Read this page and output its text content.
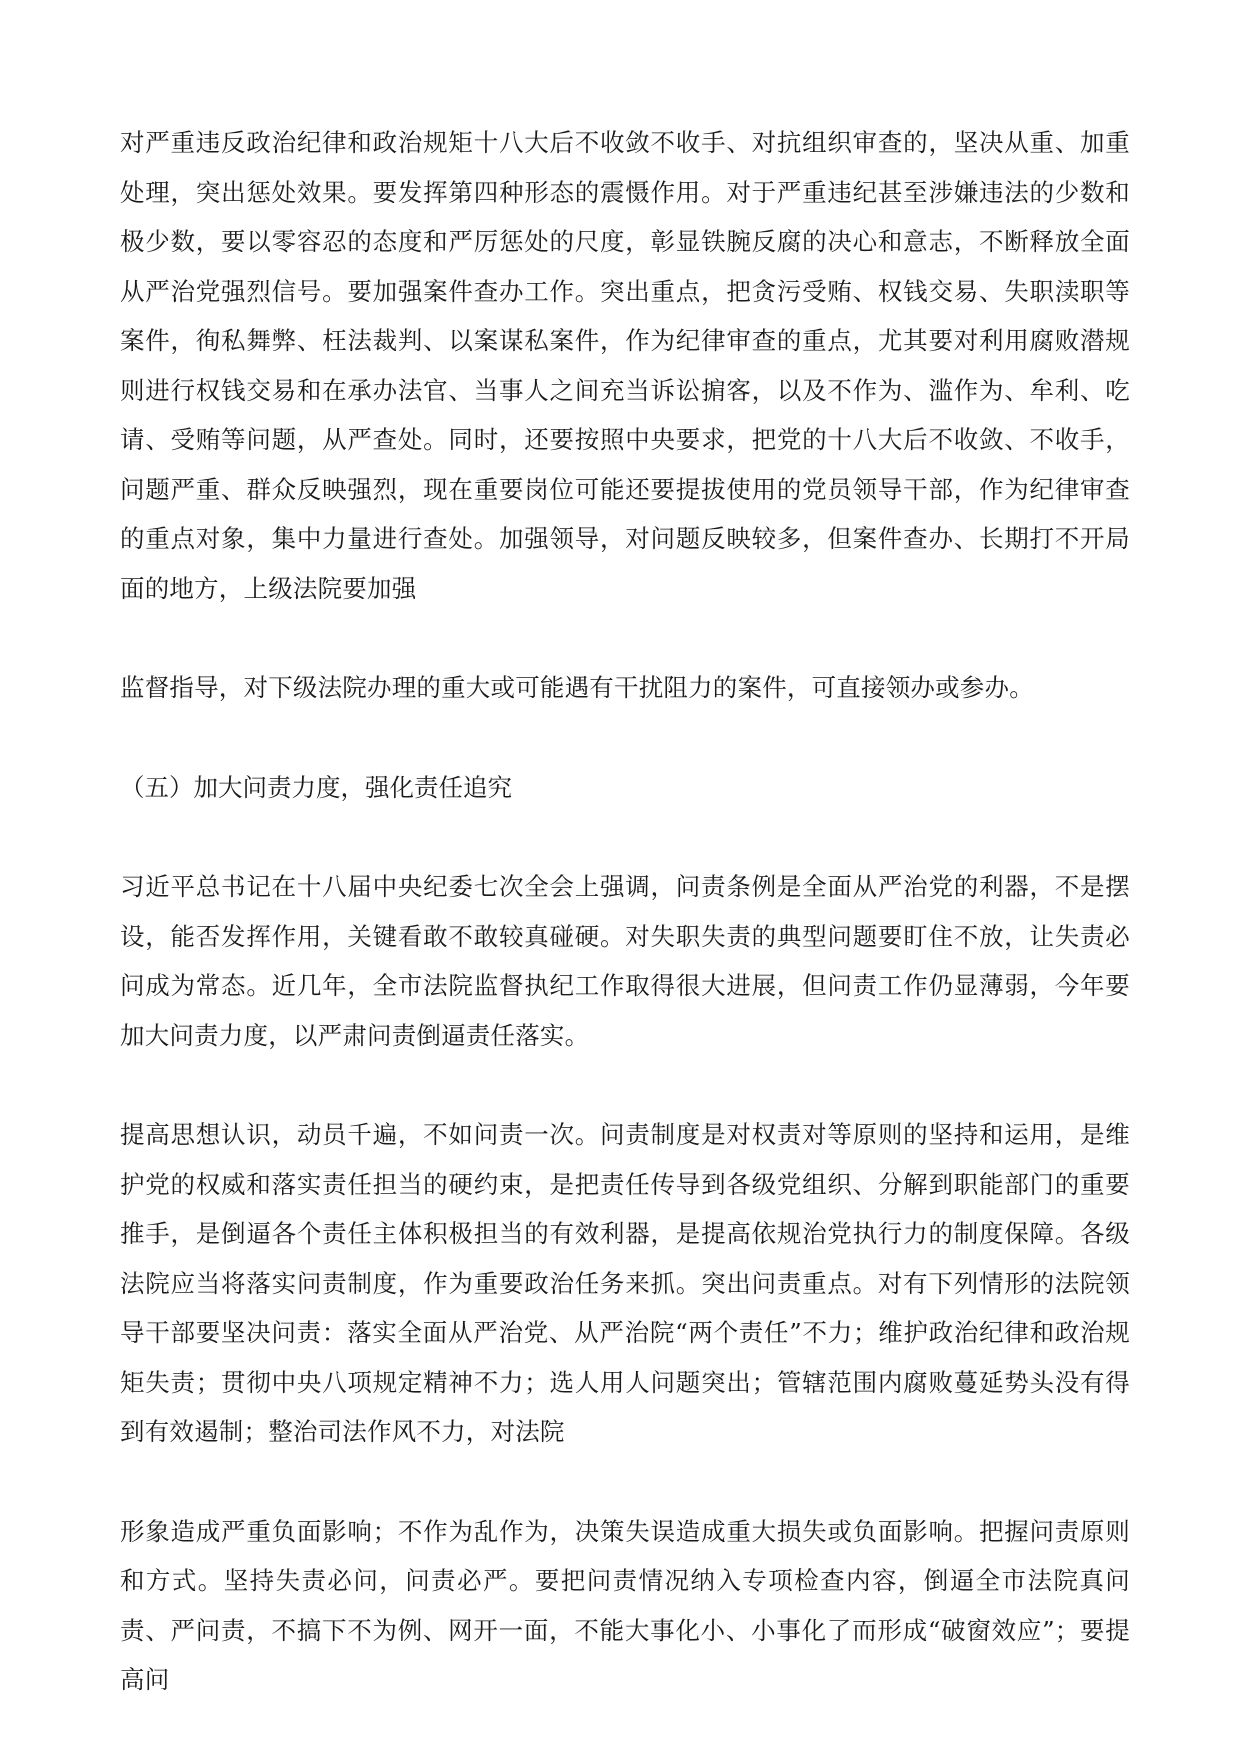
对严重违反政治纪律和政治规矩十八大后不收敛不收手、对抗组织审查的，坚决从重、加重处理，突出惩处效果。要发挥第四种形态的震慑作用。对于严重违纪甚至涉嫌违法的少数和极少数，要以零容忍的态度和严厉惩处的尺度，彰显铁腕反腐的决心和意志，不断释放全面从严治党强烈信号。要加强案件查办工作。突出重点，把贪污受贿、权钱交易、失职渎职等案件，徇私舞弊、枉法裁判、以案谋私案件，作为纪律审查的重点，尤其要对利用腐败潜规则进行权钱交易和在承办法官、当事人之间充当诉讼掮客，以及不作为、滥作为、牟利、吃请、受贿等问题，从严查处。同时，还要按照中央要求，把党的十八大后不收敛、不收手，问题严重、群众反映强烈，现在重要岗位可能还要提拔使用的党员领导干部，作为纪律审查的重点对象，集中力量进行查处。加强领导，对问题反映较多，但案件查办、长期打不开局面的地方，上级法院要加强

监督指导，对下级法院办理的重大或可能遇有干扰阻力的案件，可直接领办或参办。

（五）加大问责力度，强化责任追究

习近平总书记在十八届中央纪委七次全会上强调，问责条例是全面从严治党的利器，不是摆设，能否发挥作用，关键看敢不敢较真碰硬。对失职失责的典型问题要盯住不放，让失责必问成为常态。近几年，全市法院监督执纪工作取得很大进展，但问责工作仍显薄弱，今年要加大问责力度，以严肃问责倒逼责任落实。

提高思想认识，动员千遍，不如问责一次。问责制度是对权责对等原则的坚持和运用，是维护党的权威和落实责任担当的硬约束，是把责任传导到各级党组织、分解到职能部门的重要推手，是倒逼各个责任主体积极担当的有效利器，是提高依规治党执行力的制度保障。各级法院应当将落实问责制度，作为重要政治任务来抓。突出问责重点。对有下列情形的法院领导干部要坚决问责：落实全面从严治党、从严治院“两个责任”不力；维护政治纪律和政治规矩失责；贯彻中央八项规定精神不力；选人用人问题突出；管辖范围内腐败蔓延势头没有得到有效遏制；整治司法作风不力，对法院

形象造成严重负面影响；不作为乱作为，决策失误造成重大损失或负面影响。把握问责原则和方式。坚持失责必问，问责必严。要把问责情况纳入专项检查内容，倒逼全市法院真问责、严问责，不搞下不为例、网开一面，不能大事化小、小事化了而形成“破窗效应”；要提高问
